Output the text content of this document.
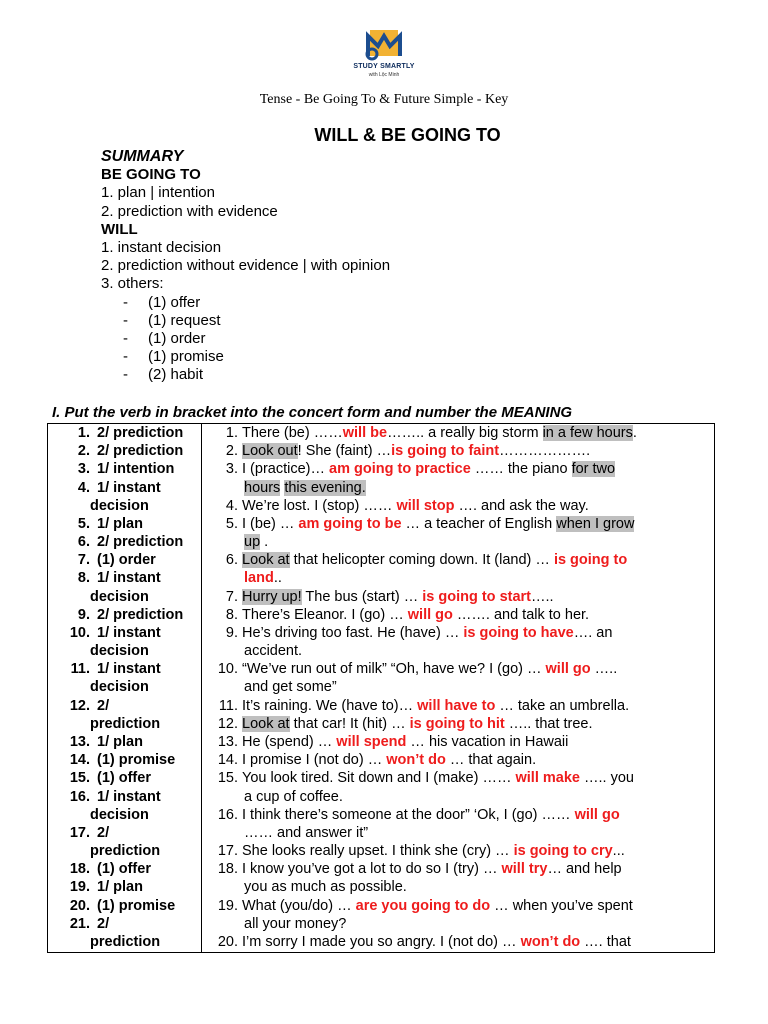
STUDY SMARTLY
with Lộc Minh
Tense - Be Going To & Future Simple - Key
WILL & BE GOING TO
SUMMARY
BE GOING TO
1. plan | intention
2. prediction with evidence
WILL
1. instant decision
2. prediction without evidence | with opinion
3. others:
- (1) offer
- (1) request
- (1) order
- (1) promise
- (2) habit
I. Put the verb in bracket into the concert form and number the MEANING
1. 2/ prediction
2. 2/ prediction
3. 1/ intention
4. 1/ instant
decision
5. 1/ plan
6. 2/ prediction
7. (1) order
8. 1/ instant
decision
9. 2/ prediction
10. 1/ instant
decision
11. 1/ instant
decision
12. 2/
prediction
13. 1/ plan
14. (1) promise
15. (1) offer
16. 1/ instant
decision
17. 2/
prediction
18. (1) offer
19. 1/ plan
20. (1) promise
21. 2/
prediction
1. There (be) ……will be…….. a really big storm in a few hours.
2. Look out! She (faint) …is going to faint……………….
3. I (practice)… am going to practice …… the piano for two
hours this evening.
4. We’re lost. I (stop) …… will stop …. and ask the way.
5. I (be) … am going to be … a teacher of English when I grow
up .
6. Look at that helicopter coming down. It (land) … is going to
land..
7. Hurry up! The bus (start) … is going to start…..
8. There’s Eleanor. I (go) … will go ……. and talk to her.
9. He’s driving too fast. He (have) … is going to have…. an
accident.
10. “We’ve run out of milk” “Oh, have we? I (go) … will go …..
and get some”
11. It’s raining. We (have to)… will have to … take an umbrella.
12. Look at that car! It (hit) … is going to hit ….. that tree.
13. He (spend) … will spend … his vacation in Hawaii
14. I promise I (not do) … won’t do … that again.
15. You look tired. Sit down and I (make) …… will make ….. you
a cup of coffee.
16. I think there’s someone at the door” ‘Ok, I (go) …… will go
…… and answer it”
17. She looks really upset. I think she (cry) … is going to cry...
18. I know you’ve got a lot to do so I (try) … will try… and help
you as much as possible.
19. What (you/do) … are you going to do … when you’ve spent
all your money?
20. I’m sorry I made you so angry. I (not do) … won’t do …. that
